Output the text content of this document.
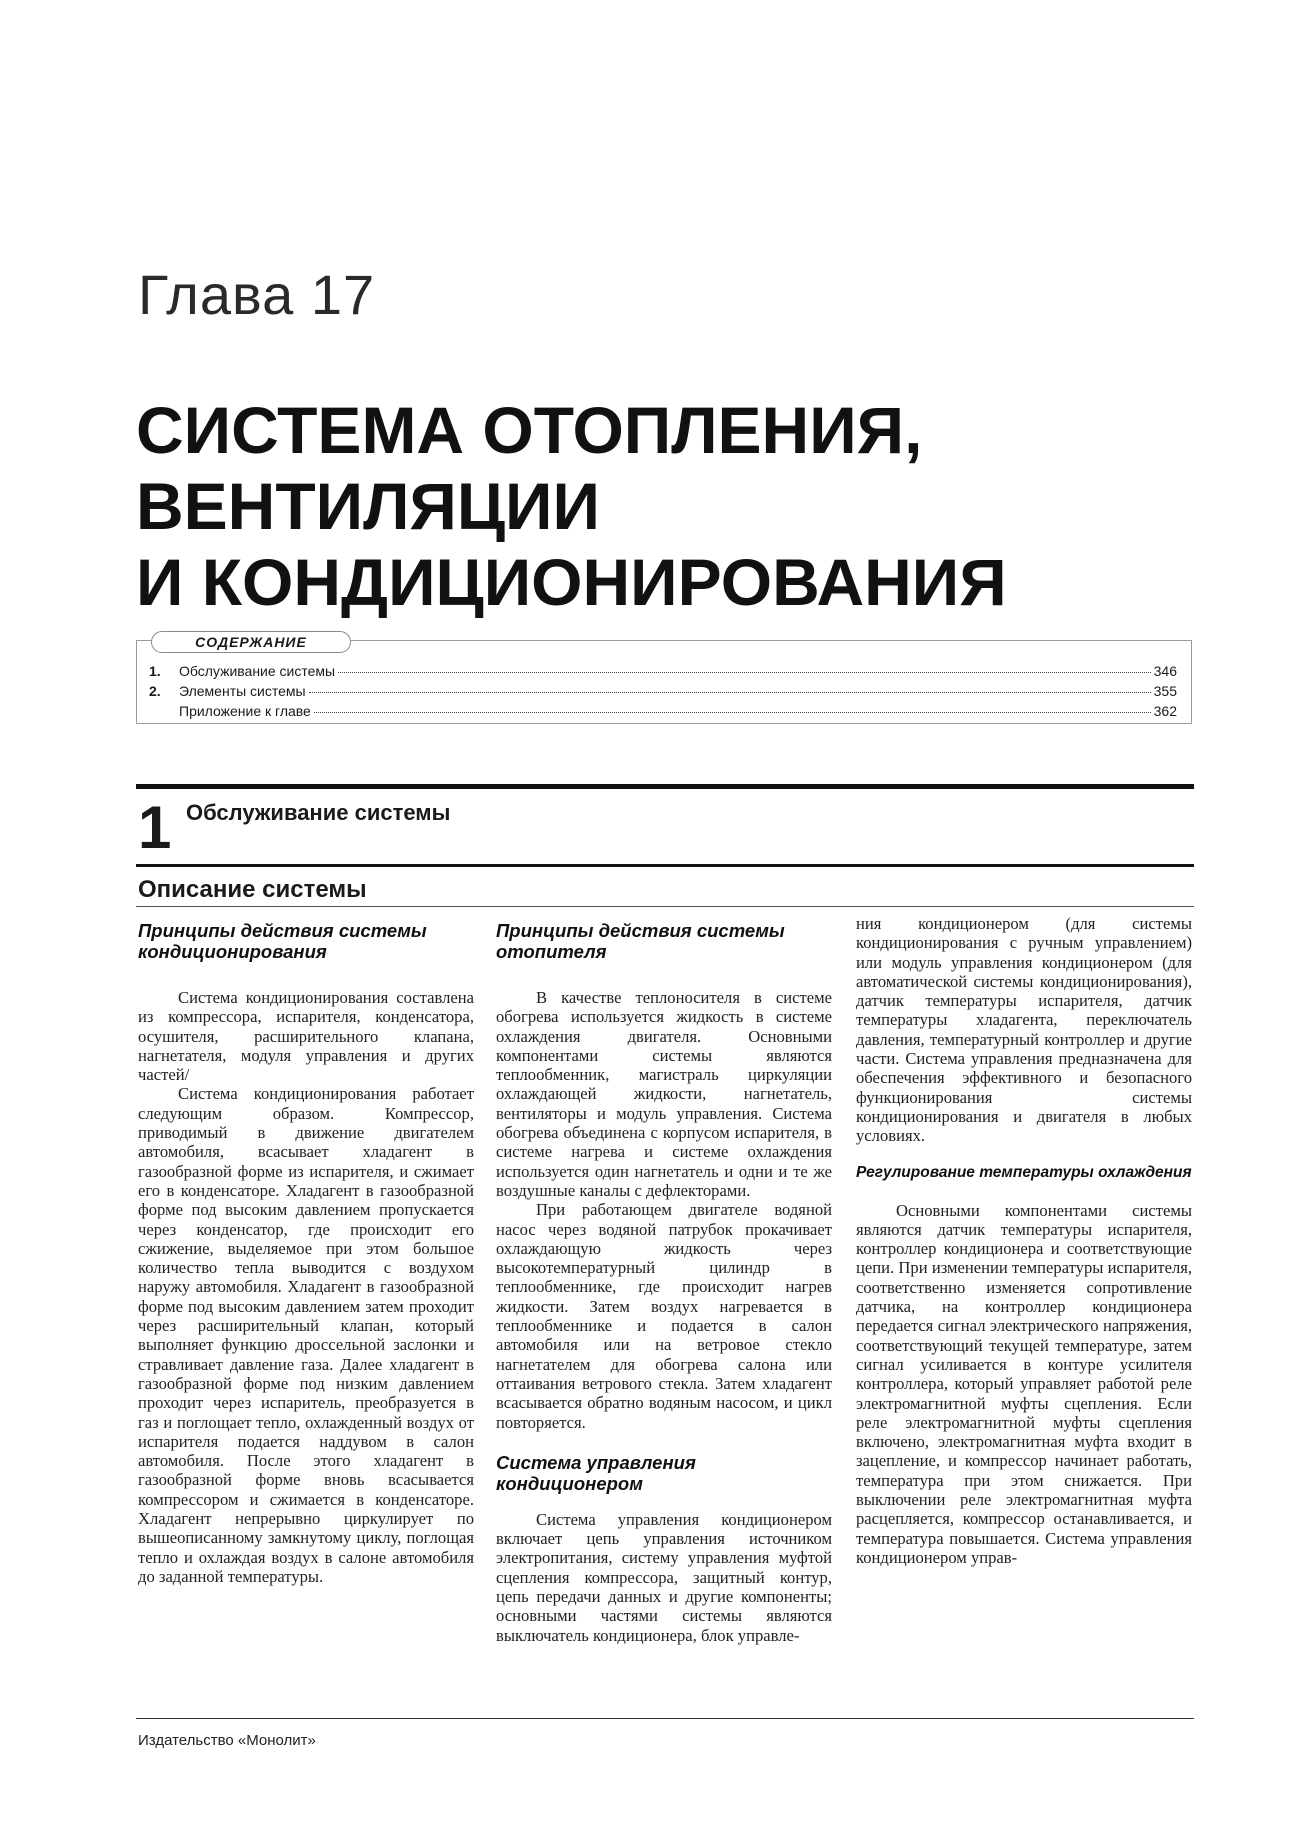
Глава 17
СИСТЕМА ОТОПЛЕНИЯ,
ВЕНТИЛЯЦИИ
И КОНДИЦИОНИРОВАНИЯ
СОДЕРЖАНИЕ
1.	Обслуживание системы	346
2.	Элементы системы	355
Приложение к главе	362
1 Обслуживание системы
Описание системы
Принципы действия системы кондиционирования

Система кондиционирования составлена из компрессора, испарителя, конденсатора, осушителя, расширительного клапана, нагнетателя, модуля управления и других частей/

Система кондиционирования работает следующим образом. Компрессор, приводимый в движение двигателем автомобиля, всасывает хладагент в газообразной форме из испарителя, и сжимает его в конденсаторе. Хладагент в газообразной форме под высоким давлением пропускается через конденсатор, где происходит его сжижение, выделяемое при этом большое количество тепла выводится с воздухом наружу автомобиля. Хладагент в газообразной форме под высоким давлением затем проходит через расширительный клапан, который выполняет функцию дроссельной заслонки и стравливает давление газа. Далее хладагент в газообразной форме под низким давлением проходит через испаритель, преобразуется в газ и поглощает тепло, охлажденный воздух от испарителя подается наддувом в салон автомобиля. После этого хладагент в газообразной форме вновь всасывается компрессором и сжимается в конденсаторе. Хладагент непрерывно циркулирует по вышеописанному замкнутому циклу, поглощая тепло и охлаждая воздух в салоне автомобиля до заданной температуры.

Принципы действия системы отопителя

В качестве теплоносителя в системе обогрева используется жидкость в системе охлаждения двигателя. Основными компонентами системы являются теплообменник, магистраль циркуляции охлаждающей жидкости, нагнетатель, вентиляторы и модуль управления. Система обогрева объединена с корпусом испарителя, в системе нагрева и системе охлаждения используется один нагнетатель и одни и те же воздушные каналы с дефлекторами.

При работающем двигателе водяной насос через водяной патрубок прокачивает охлаждающую жидкость через высокотемпературный цилиндр в теплообменнике, где происходит нагрев жидкости. Затем воздух нагревается в теплообменнике и подается в салон автомобиля или на ветровое стекло нагнетателем для обогрева салона или оттаивания ветрового стекла. Затем хладагент всасывается обратно водяным насосом, и цикл повторяется.

Система управления кондиционером

Система управления кондиционером включает цепь управления источником электропитания, систему управления муфтой сцепления компрессора, защитный контур, цепь передачи данных и другие компоненты; основными частями системы являются выключатель кондиционера, блок управле-

ния кондиционером (для системы кондиционирования с ручным управлением) или модуль управления кондиционером (для автоматической системы кондиционирования), датчик температуры испарителя, датчик температуры хладагента, переключатель давления, температурный контроллер и другие части. Система управления предназначена для обеспечения эффективного и безопасного функционирования системы кондиционирования и двигателя в любых условиях.

Регулирование температуры охлаждения

Основными компонентами системы являются датчик температуры испарителя, контроллер кондиционера и соответствующие цепи. При изменении температуры испарителя, соответственно изменяется сопротивление датчика, на контроллер кондиционера передается сигнал электрического напряжения, соответствующий текущей температуре, затем сигнал усиливается в контуре усилителя контроллера, который управляет работой реле электромагнитной муфты сцепления. Если реле электромагнитной муфты сцепления включено, электромагнитная муфта входит в зацепление, и компрессор начинает работать, температура при этом снижается. При выключении реле электромагнитная муфта расцепляется, компрессор останавливается, и температура повышается. Система управления кондиционером управ-

Издательство «Монолит»
